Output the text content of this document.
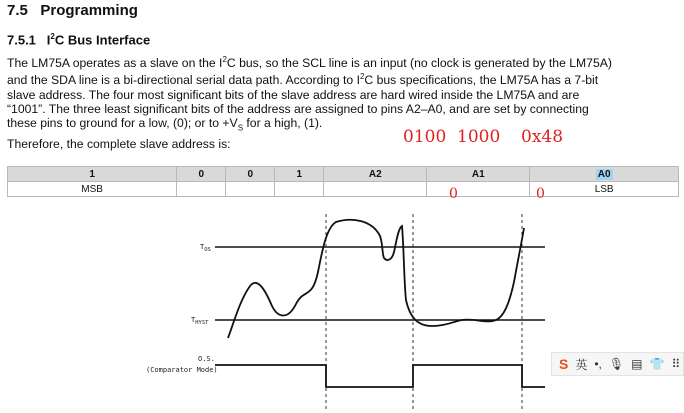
7.5 Programming
7.5.1 $I^2C$ Bus Interface
The LM75A operates as a slave on the $I^2C$ bus, so the SCL line is an input (no clock is generated by the LM75A)
and the SDA line is a bi-directional serial data path. According to $I^2C$ bus specifications, the LM75A has a 7-bit
slave address. The four most significant bits of the slave address are hard wired inside the LM75A and are
“1001”. The three least significant bits of the address are assigned to pins A2–A0, and are set by connecting
these pins to ground for a low, (0); or to $+V_S$ for a high, (1).
Therefore, the complete slave address is:	0100 1000 0x48
1	0	0	1	A2	A1	A0
MSB						LSB
0	0
$T_{OS}$
$T_{HYST}$
O.S.
(Comparator Mode)	S 英 •, 🎙 ▤ 👕 ⠿
